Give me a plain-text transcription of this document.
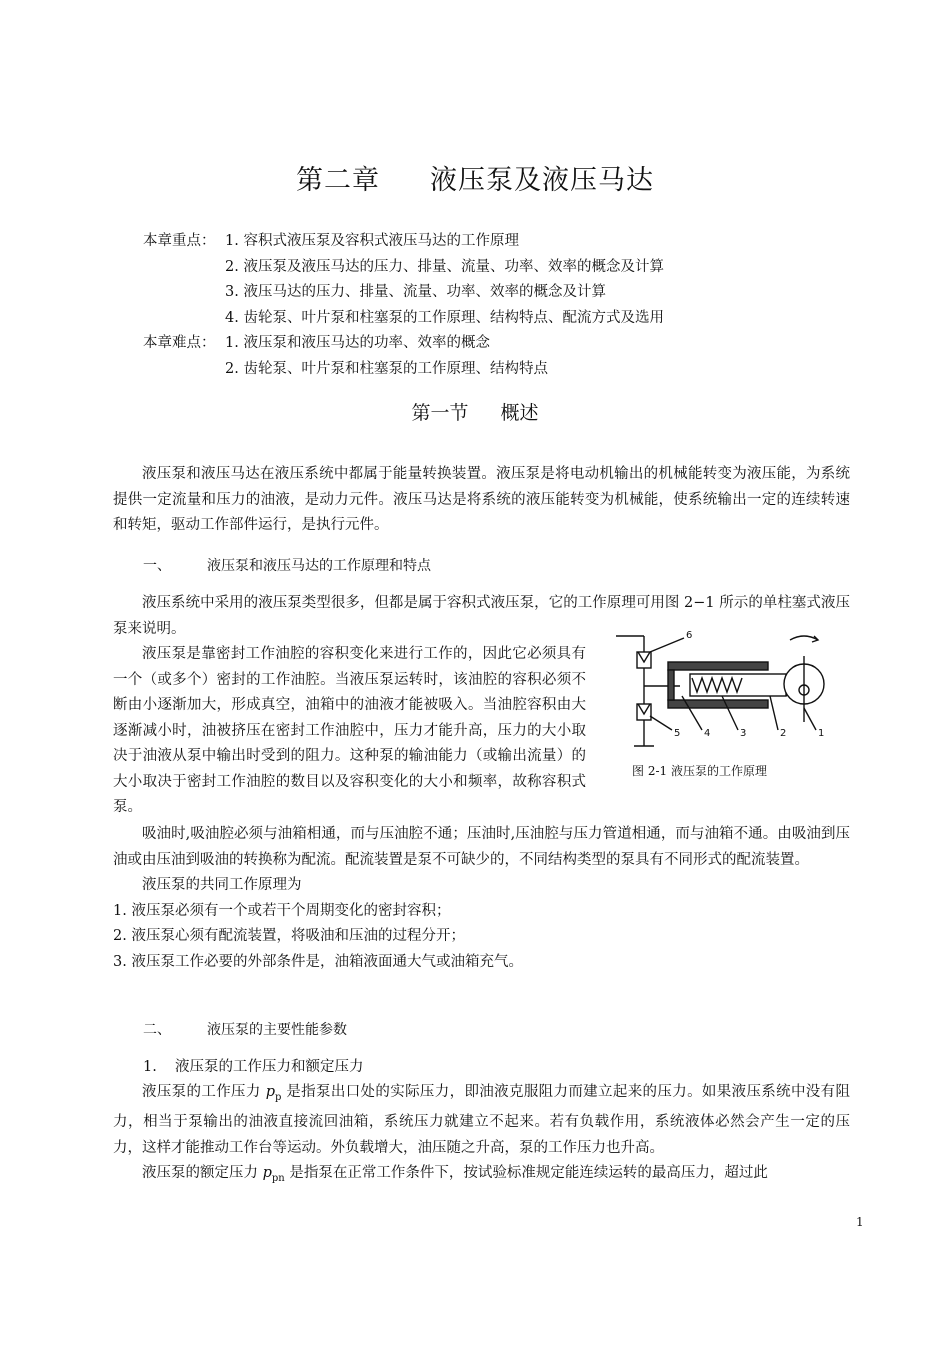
第二章 液压泵及液压马达
本章重点： 1. 容积式液压泵及容积式液压马达的工作原理
2. 液压泵及液压马达的压力、排量、流量、功率、效率的概念及计算
3. 液压马达的压力、排量、流量、功率、效率的概念及计算
4. 齿轮泵、叶片泵和柱塞泵的工作原理、结构特点、配流方式及选用
本章难点： 1. 液压泵和液压马达的功率、效率的概念
2. 齿轮泵、叶片泵和柱塞泵的工作原理、结构特点
第一节 概述

液压泵和液压马达在液压系统中都属于能量转换装置。液压泵是将电动机输出的机械能转变为液压能，为系统提供一定流量和压力的油液，是动力元件。液压马达是将系统的液压能转变为机械能，使系统输出一定的连续转速和转矩，驱动工作部件运行，是执行元件。

一、	液压泵和液压马达的工作原理和特点

液压系统中采用的液压泵类型很多，但都是属于容积式液压泵，它的工作原理可用图 2−1 所示的单柱塞式液压泵来说明。

液压泵是靠密封工作油腔的容积变化来进行工作的，因此它必须具有一个（或多个）密封的工作油腔。当液压泵运转时，该油腔的容积必须不断由小逐渐加大，形成真空，油箱中的油液才能被吸入。当油腔容积由大逐渐减小时，油被挤压在密封工作油腔中，压力才能升高，压力的大小取决于油液从泵中输出时受到的阻力。这种泵的输油能力（或输出流量）的大小取决于密封工作油腔的数目以及容积变化的大小和频率，故称容积式泵。

6
5 4	3	2	1
图 2-1 液压泵的工作原理

吸油时,吸油腔必须与油箱相通，而与压油腔不通；压油时,压油腔与压力管道相通，而与油箱不通。由吸油到压油或由压油到吸油的转换称为配流。配流装置是泵不可缺少的，不同结构类型的泵具有不同形式的配流装置。

液压泵的共同工作原理为

1. 液压泵必须有一个或若干个周期变化的密封容积；

2. 液压泵心须有配流装置，将吸油和压油的过程分开；

3. 液压泵工作必要的外部条件是，油箱液面通大气或油箱充气。

二、	液压泵的主要性能参数
1. 液压泵的工作压力和额定压力

液压泵的工作压力 $p_p$ 是指泵出口处的实际压力，即油液克服阻力而建立起来的压力。如果液压系统中没有阻力，相当于泵输出的油液直接流回油箱，系统压力就建立不起来。若有负载作用，系统液体必然会产生一定的压力，这样才能推动工作台等运动。外负载增大，油压随之升高，泵的工作压力也升高。

液压泵的额定压力 $p_{pn}$ 是指泵在正常工作条件下，按试验标准规定能连续运转的最高压力，超过此

1
